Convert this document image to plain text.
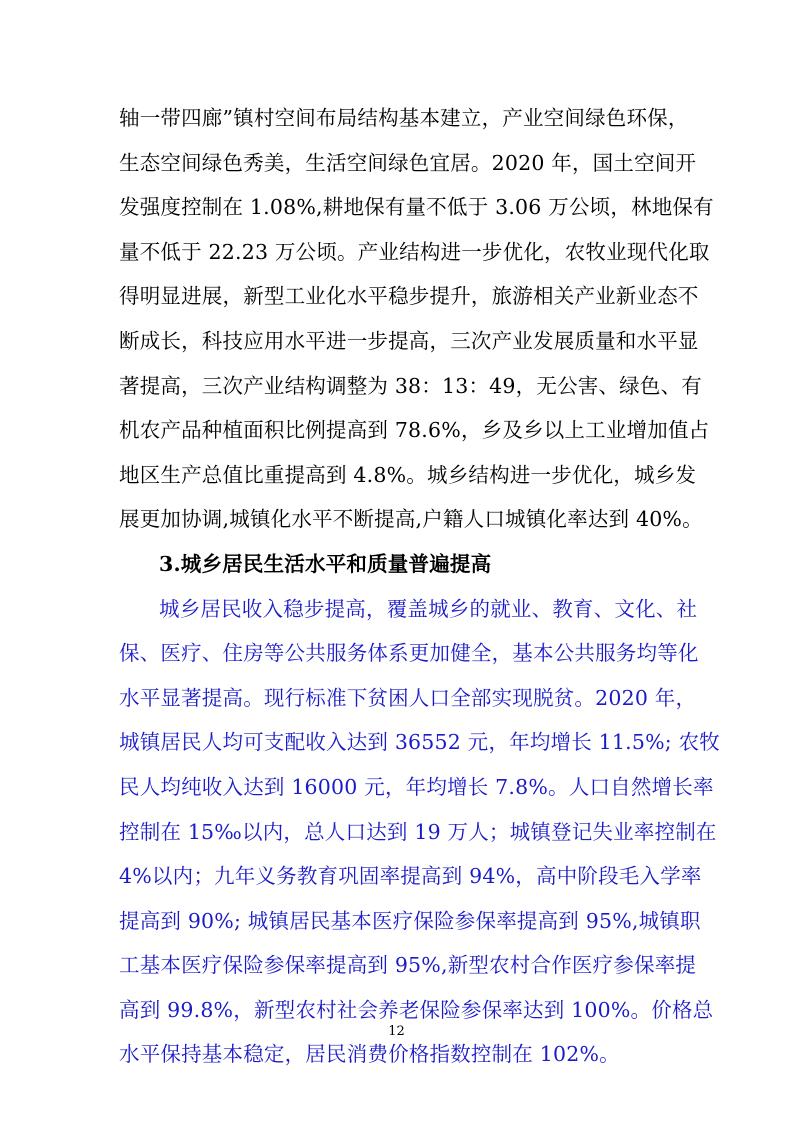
轴一带四廊”镇村空间布局结构基本建立，产业空间绿色环保，
生态空间绿色秀美，生活空间绿色宜居。2020 年，国土空间开
发强度控制在 1.08%,耕地保有量不低于 3.06 万公顷，林地保有
量不低于 22.23 万公顷。产业结构进一步优化，农牧业现代化取
得明显进展，新型工业化水平稳步提升，旅游相关产业新业态不
断成长，科技应用水平进一步提高，三次产业发展质量和水平显
著提高，三次产业结构调整为 38：13：49，无公害、绿色、有
机农产品种植面积比例提高到 78.6%，乡及乡以上工业增加值占
地区生产总值比重提高到 4.8%。城乡结构进一步优化，城乡发
展更加协调,城镇化水平不断提高,户籍人口城镇化率达到 40%。
3.城乡居民生活水平和质量普遍提高
城乡居民收入稳步提高，覆盖城乡的就业、教育、文化、社
保、医疗、住房等公共服务体系更加健全，基本公共服务均等化
水平显著提高。现行标准下贫困人口全部实现脱贫。2020 年，
城镇居民人均可支配收入达到 36552 元，年均增长 11.5%; 农牧
民人均纯收入达到 16000 元，年均增长 7.8%。人口自然增长率
控制在 15‰以内，总人口达到 19 万人；城镇登记失业率控制在
4%以内；九年义务教育巩固率提高到 94%，高中阶段毛入学率
提高到 90%; 城镇居民基本医疗保险参保率提高到 95%,城镇职
工基本医疗保险参保率提高到 95%,新型农村合作医疗参保率提
高到 99.8%，新型农村社会养老保险参保率达到 100%。价格总
水平保持基本稳定，居民消费价格指数控制在 102%。
12
